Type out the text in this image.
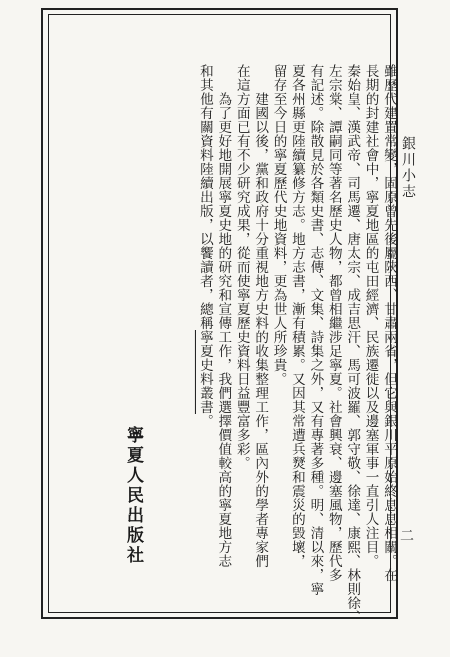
銀川小志
二
雖歷代建置常變，固原曾先後屬陝西、甘肅兩省，但它與銀川平原始終息息相關。在
長期的封建社會中，寧夏地區的屯田經濟、民族遷徙以及邊塞軍事一直引人注目。
秦始皇、漢武帝、司馬遷、唐太宗、成吉思汗、馬可波羅、郭守敬、徐達、康熙、林則徐、
左宗棠、譚嗣同等著名歷史人物，都曾相繼涉足寧夏。社會興衰、邊塞風物，歷代多
有記述。除散見於各類史書、志傳、文集、詩集之外，又有專著多種。明、清以來，寧
夏各州縣更陸續纂修方志。地方志書，漸有積累。又因其常遭兵燹和震災的毀壞，
留存至今日的寧夏歷代史地資料，更為世人所珍貴。
建國以後，黨和政府十分重視地方史料的收集整理工作，區內外的學者專家們
在這方面已有不少研究成果，從而使寧夏歷史資料日益豐富多彩。
為了更好地開展寧夏史地的研究和宣傳工作，我們選擇價值較高的寧夏地方志
和其他有關資料陸續出版，以饗讀者，總稱寧夏史料叢書。
寧夏人民出版社
